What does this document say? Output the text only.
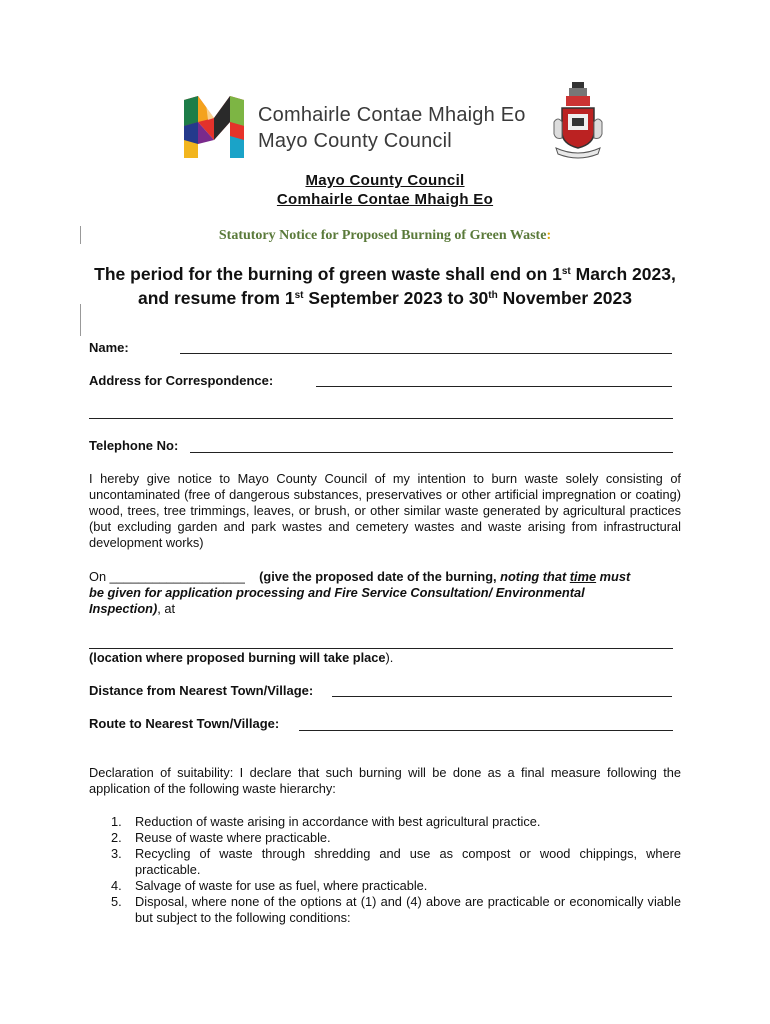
Comhairle Contae Mhaigh Eo
Mayo County Council
Mayo County Council
Comhairle Contae Mhaigh Eo
Statutory Notice for Proposed Burning of Green Waste:
The period for the burning of green waste shall end on 1st March 2023,
and resume from 1st September 2023 to 30th November 2023
Name:
Address for Correspondence:
Telephone No:
I hereby give notice to Mayo County Council of my intention to burn waste solely consisting of uncontaminated (free of dangerous substances, preservatives or other artificial impregnation or coating) wood, trees, tree trimmings, leaves, or brush, or other similar waste generated by agricultural practices (but excluding garden and park wastes and cemetery wastes and waste arising from infrastructural development works)
On ___________________ (give the proposed date of the burning, noting that time must
be given for application processing and Fire Service Consultation/ Environmental
Inspection), at
(location where proposed burning will take place).
Distance from Nearest Town/Village:
Route to Nearest Town/Village:
Declaration of suitability: I declare that such burning will be done as a final measure following the application of the following waste hierarchy:
1. Reduction of waste arising in accordance with best agricultural practice.
2. Reuse of waste where practicable.
3. Recycling of waste through shredding and use as compost or wood chippings, where practicable.
4. Salvage of waste for use as fuel, where practicable.
5. Disposal, where none of the options at (1) and (4) above are practicable or economically viable but subject to the following conditions:
